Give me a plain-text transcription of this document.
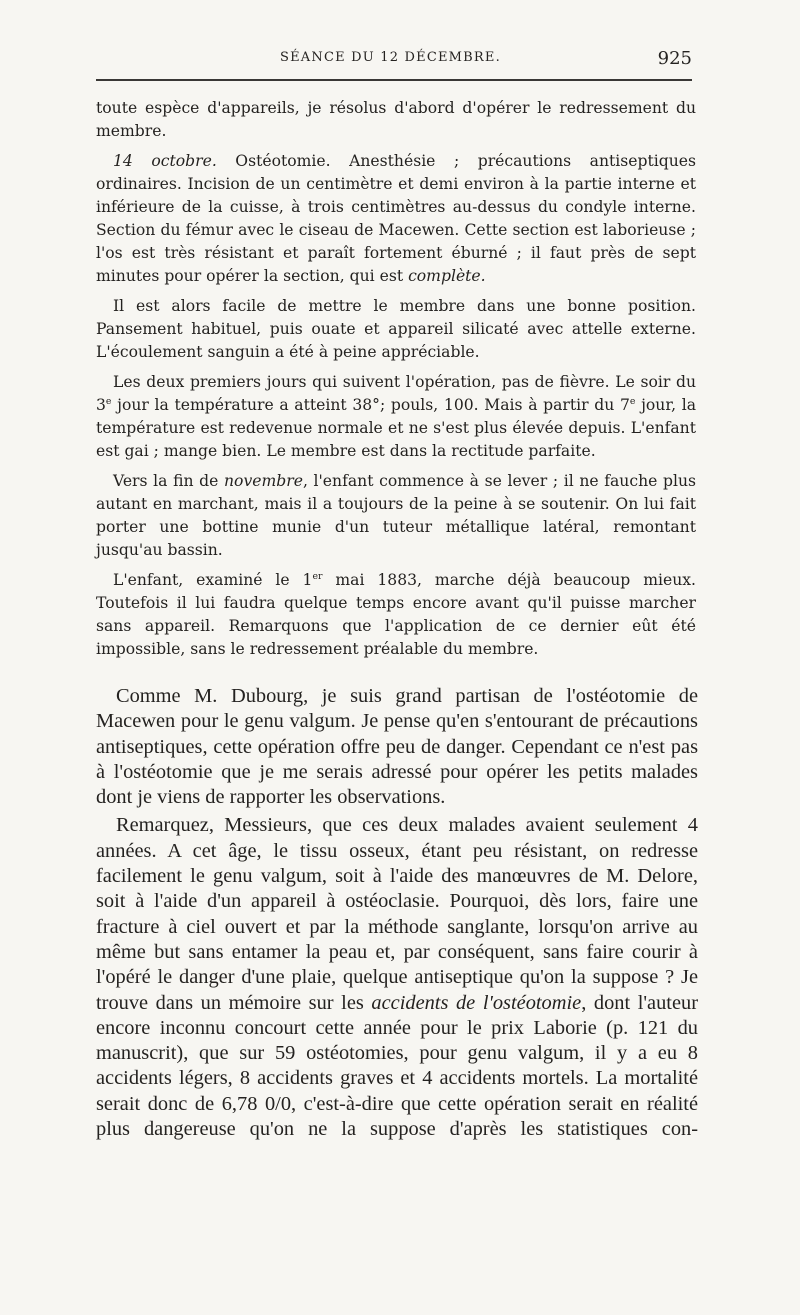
SÉANCE DU 12 DÉCEMBRE.	925

toute espèce d'appareils, je résolus d'abord d'opérer le redressement du membre.

14 octobre. Ostéotomie. Anesthésie ; précautions antiseptiques ordinaires. Incision de un centimètre et demi environ à la partie interne et inférieure de la cuisse, à trois centimètres au-dessus du condyle interne. Section du fémur avec le ciseau de Macewen. Cette section est laborieuse ; l'os est très résistant et paraît fortement éburné ; il faut près de sept minutes pour opérer la section, qui est complète.

Il est alors facile de mettre le membre dans une bonne position. Pansement habituel, puis ouate et appareil silicaté avec attelle externe. L'écoulement sanguin a été à peine appréciable.

Les deux premiers jours qui suivent l'opération, pas de fièvre. Le soir du 3e jour la température a atteint 38°; pouls, 100. Mais à partir du 7e jour, la température est redevenue normale et ne s'est plus élevée depuis. L'enfant est gai ; mange bien. Le membre est dans la rectitude parfaite.

Vers la fin de novembre, l'enfant commence à se lever ; il ne fauche plus autant en marchant, mais il a toujours de la peine à se soutenir. On lui fait porter une bottine munie d'un tuteur métallique latéral, remontant jusqu'au bassin.

L'enfant, examiné le 1er mai 1883, marche déjà beaucoup mieux. Toutefois il lui faudra quelque temps encore avant qu'il puisse marcher sans appareil. Remarquons que l'application de ce dernier eût été impossible, sans le redressement préalable du membre.

Comme M. Dubourg, je suis grand partisan de l'ostéotomie de Macewen pour le genu valgum. Je pense qu'en s'entourant de précautions antiseptiques, cette opération offre peu de danger. Cependant ce n'est pas à l'ostéotomie que je me serais adressé pour opérer les petits malades dont je viens de rapporter les observations.

Remarquez, Messieurs, que ces deux malades avaient seulement 4 années. A cet âge, le tissu osseux, étant peu résistant, on redresse facilement le genu valgum, soit à l'aide des manœuvres de M. Delore, soit à l'aide d'un appareil à ostéoclasie. Pourquoi, dès lors, faire une fracture à ciel ouvert et par la méthode sanglante, lorsqu'on arrive au même but sans entamer la peau et, par conséquent, sans faire courir à l'opéré le danger d'une plaie, quelque antiseptique qu'on la suppose ? Je trouve dans un mémoire sur les accidents de l'ostéotomie, dont l'auteur encore inconnu concourt cette année pour le prix Laborie (p. 121 du manuscrit), que sur 59 ostéotomies, pour genu valgum, il y a eu 8 accidents légers, 8 accidents graves et 4 accidents mortels. La mortalité serait donc de 6,78 0/0, c'est-à-dire que cette opération serait en réalité plus dangereuse qu'on ne la suppose d'après les statistiques con-
